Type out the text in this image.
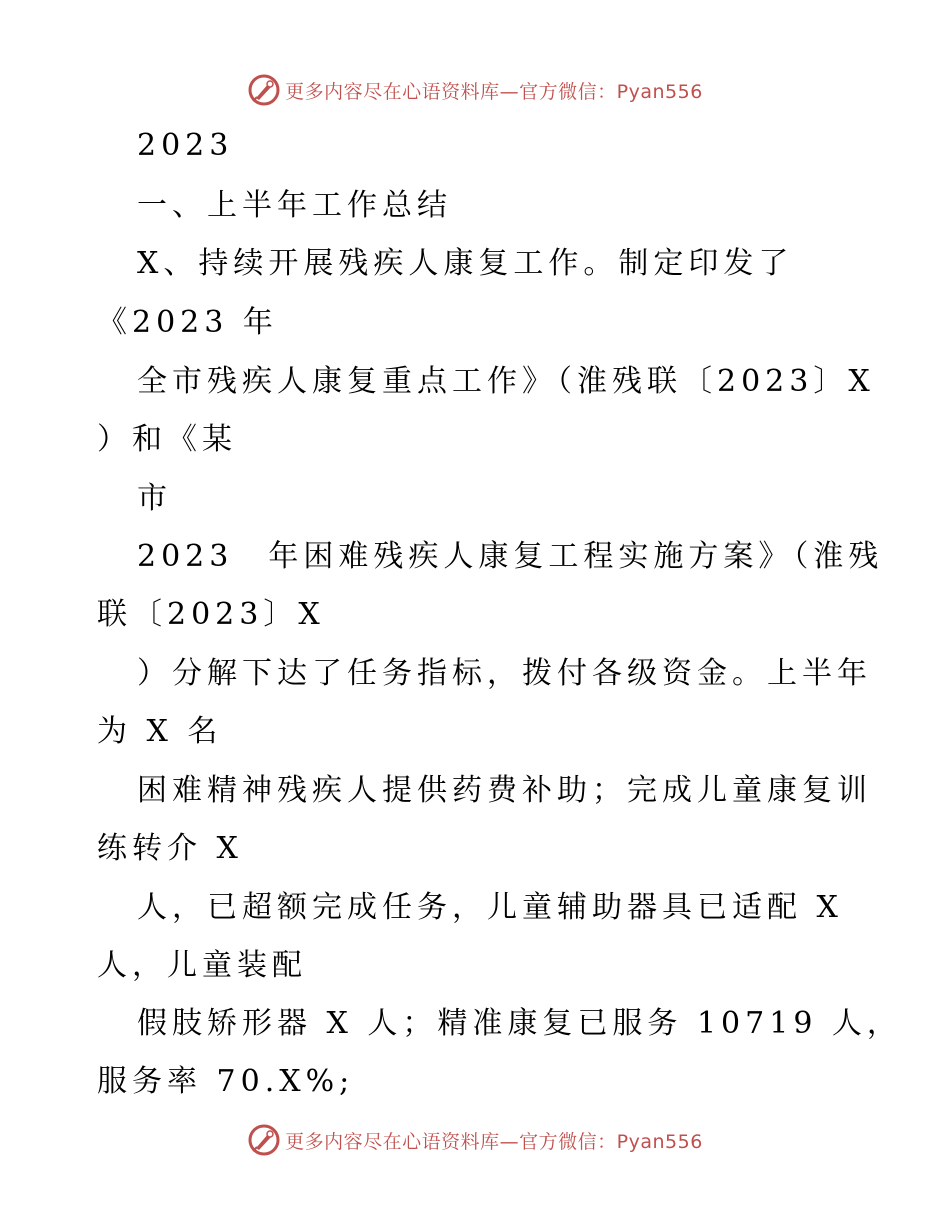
更多内容尽在心语资料库—官方微信：Pyan556
2023
一、上半年工作总结
X、持续开展残疾人康复工作。制定印发了
《2023 年
全市残疾人康复重点工作》（淮残联〔2023〕X
）和《某
市
2023　年困难残疾人康复工程实施方案》（淮残
联〔2023〕X
）分解下达了任务指标，拨付各级资金。上半年
为 X 名
困难精神残疾人提供药费补助；完成儿童康复训
练转介 X
人，已超额完成任务，儿童辅助器具已适配 X
人，儿童装配
假肢矫形器 X 人；精准康复已服务 10719 人，
服务率 70.X%;
更多内容尽在心语资料库—官方微信：Pyan556
